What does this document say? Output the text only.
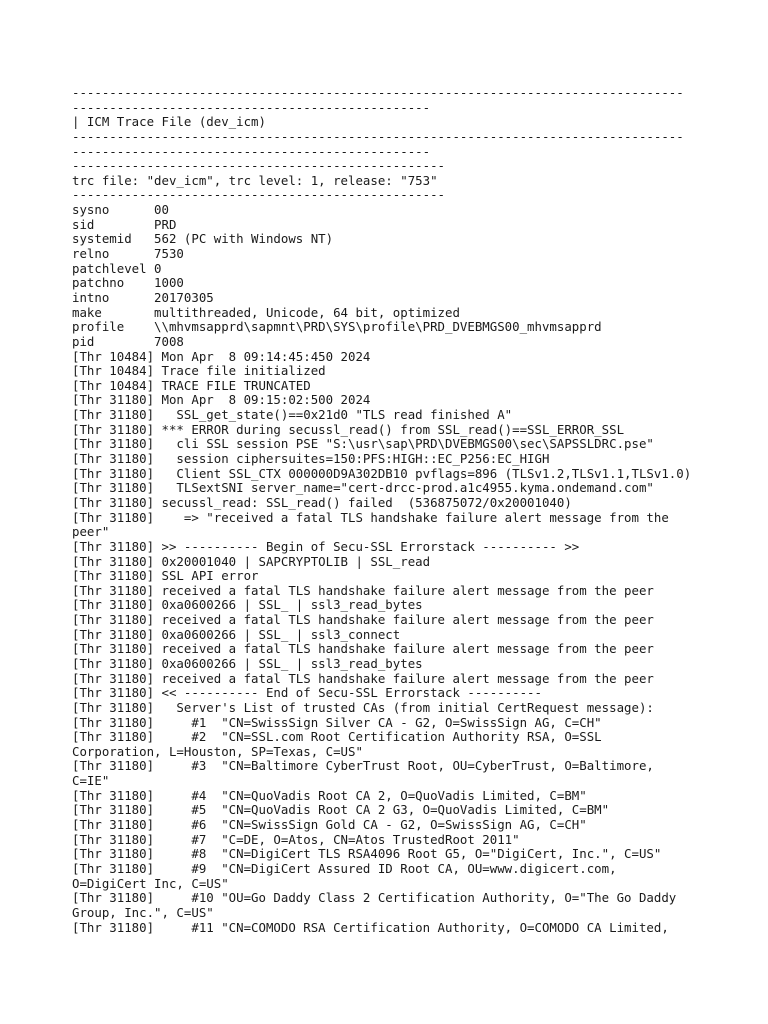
----------------------------------------------------------------------------------
------------------------------------------------
| ICM Trace File (dev_icm)
----------------------------------------------------------------------------------
------------------------------------------------
--------------------------------------------------
trc file: "dev_icm", trc level: 1, release: "753"
--------------------------------------------------
sysno      00
sid        PRD
systemid   562 (PC with Windows NT)
relno      7530
patchlevel 0
patchno    1000
intno      20170305
make       multithreaded, Unicode, 64 bit, optimized
profile    \\mhvmsapprd\sapmnt\PRD\SYS\profile\PRD_DVEBMGS00_mhvmsapprd
pid        7008
[Thr 10484] Mon Apr  8 09:14:45:450 2024
[Thr 10484] Trace file initialized
[Thr 10484] TRACE FILE TRUNCATED
[Thr 31180] Mon Apr  8 09:15:02:500 2024
[Thr 31180]   SSL_get_state()==0x21d0 "TLS read finished A"
[Thr 31180] *** ERROR during secussl_read() from SSL_read()==SSL_ERROR_SSL
[Thr 31180]   cli SSL session PSE "S:\usr\sap\PRD\DVEBMGS00\sec\SAPSSLDRC.pse"
[Thr 31180]   session ciphersuites=150:PFS:HIGH::EC_P256:EC_HIGH
[Thr 31180]   Client SSL_CTX 000000D9A302DB10 pvflags=896 (TLSv1.2,TLSv1.1,TLSv1.0)
[Thr 31180]   TLSextSNI server_name="cert-drcc-prod.a1c4955.kyma.ondemand.com"
[Thr 31180] secussl_read: SSL_read() failed  (536875072/0x20001040)
[Thr 31180]    => "received a fatal TLS handshake failure alert message from the
peer"
[Thr 31180] >> ---------- Begin of Secu-SSL Errorstack ---------- >>
[Thr 31180] 0x20001040 | SAPCRYPTOLIB | SSL_read
[Thr 31180] SSL API error
[Thr 31180] received a fatal TLS handshake failure alert message from the peer
[Thr 31180] 0xa0600266 | SSL_ | ssl3_read_bytes
[Thr 31180] received a fatal TLS handshake failure alert message from the peer
[Thr 31180] 0xa0600266 | SSL_ | ssl3_connect
[Thr 31180] received a fatal TLS handshake failure alert message from the peer
[Thr 31180] 0xa0600266 | SSL_ | ssl3_read_bytes
[Thr 31180] received a fatal TLS handshake failure alert message from the peer
[Thr 31180] << ---------- End of Secu-SSL Errorstack ----------
[Thr 31180]   Server's List of trusted CAs (from initial CertRequest message):
[Thr 31180]     #1  "CN=SwissSign Silver CA - G2, O=SwissSign AG, C=CH"
[Thr 31180]     #2  "CN=SSL.com Root Certification Authority RSA, O=SSL
Corporation, L=Houston, SP=Texas, C=US"
[Thr 31180]     #3  "CN=Baltimore CyberTrust Root, OU=CyberTrust, O=Baltimore,
C=IE"
[Thr 31180]     #4  "CN=QuoVadis Root CA 2, O=QuoVadis Limited, C=BM"
[Thr 31180]     #5  "CN=QuoVadis Root CA 2 G3, O=QuoVadis Limited, C=BM"
[Thr 31180]     #6  "CN=SwissSign Gold CA - G2, O=SwissSign AG, C=CH"
[Thr 31180]     #7  "C=DE, O=Atos, CN=Atos TrustedRoot 2011"
[Thr 31180]     #8  "CN=DigiCert TLS RSA4096 Root G5, O="DigiCert, Inc.", C=US"
[Thr 31180]     #9  "CN=DigiCert Assured ID Root CA, OU=www.digicert.com,
O=DigiCert Inc, C=US"
[Thr 31180]     #10 "OU=Go Daddy Class 2 Certification Authority, O="The Go Daddy
Group, Inc.", C=US"
[Thr 31180]     #11 "CN=COMODO RSA Certification Authority, O=COMODO CA Limited,
